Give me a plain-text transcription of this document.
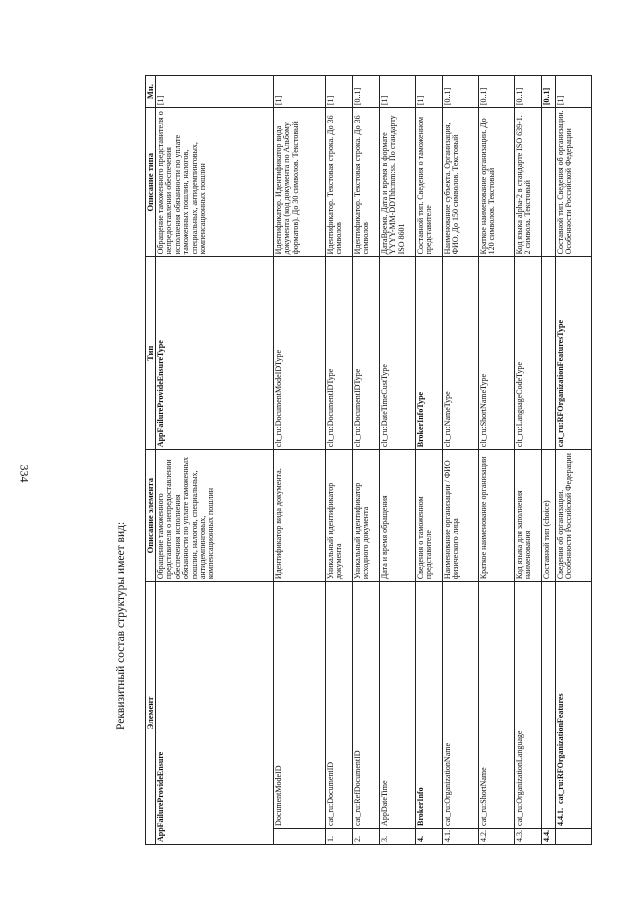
334
Реквизитный состав структуры имеет вид: Элемент		Описание элемента	Тип	Описание типа	Мн.
AppFailureProvideEnsure		Обращение таможенного представителя о непредоставлении обеспечения исполнения обязанности по уплате таможенных пошлин, налогов, специальных, антидемпинговых, компенсационных пошлин	AppFailureProvideEnsureType	Обращение таможенного представителя о непредоставлении обеспечения исполнения обязанности по уплате таможенных пошлин, налогов, специальных, антидемпинговых, компенсационных пошлин	[1]
	DocumentModeID	Идентификатор вида документа.	clt_ru:DocumentModeIDType	Идентификатор. Идентификатор вида документа (код документа по Альбому форматов). До 30 символов. Текстовый	[1]
1.	cat_ru:DocumentID	Уникальный идентификатор документа	clt_ru:DocumentIDType	Идентификатор. Текстовая строка. До 36 символов	[1]
2.	cat_ru:RefDocumentID	Уникальный идентификатор исходного документа	clt_ru:DocumentIDType	Идентификатор. Текстовая строка. До 36 символов	[0..1]
3.	AppDateTime	Дата и время обращения	clt_ru:DateTimeCustType	ДатаВремя. Дата и время в формате YYYY-MM-DDThh:mm:ss. По стандарту ISO 8601	[1]
4.	BrokerInfo	Сведения о таможенном представителе	BrokerInfoType	Составной тип. Сведения о таможенном представителе	[1]
4.1.	cat_ru:OrganizationName	Наименование организации / ФИО физического лица	clt_ru:NameType	Наименование субъекта. Организация, ФИО. До 150 символов. Текстовый	[0..1]
4.2.	cat_ru:ShortName	Краткое наименование организации	clt_ru:ShortNameType	Краткое наименование организации. До 120 символов. Текстовый	[0..1]
4.3.	cat_ru:OrganizationLanguage	Код языка для заполнения наименования	clt_ru:LanguageCodeType	Код языка alpha-2 в стандарте ISO 639-1. 2 символа. Текстовый	[0..1]
4.4.		Составной тип (choice)			[0..1]
	4.4.1.  cat_ru:RFOrganizationFeatures	Сведения об организации. Особенности Российской Федерации	cat_ru:RFOrganizationFeaturesType	Составной тип. Сведения об организации. Особенности Российской Федерации	[1]
